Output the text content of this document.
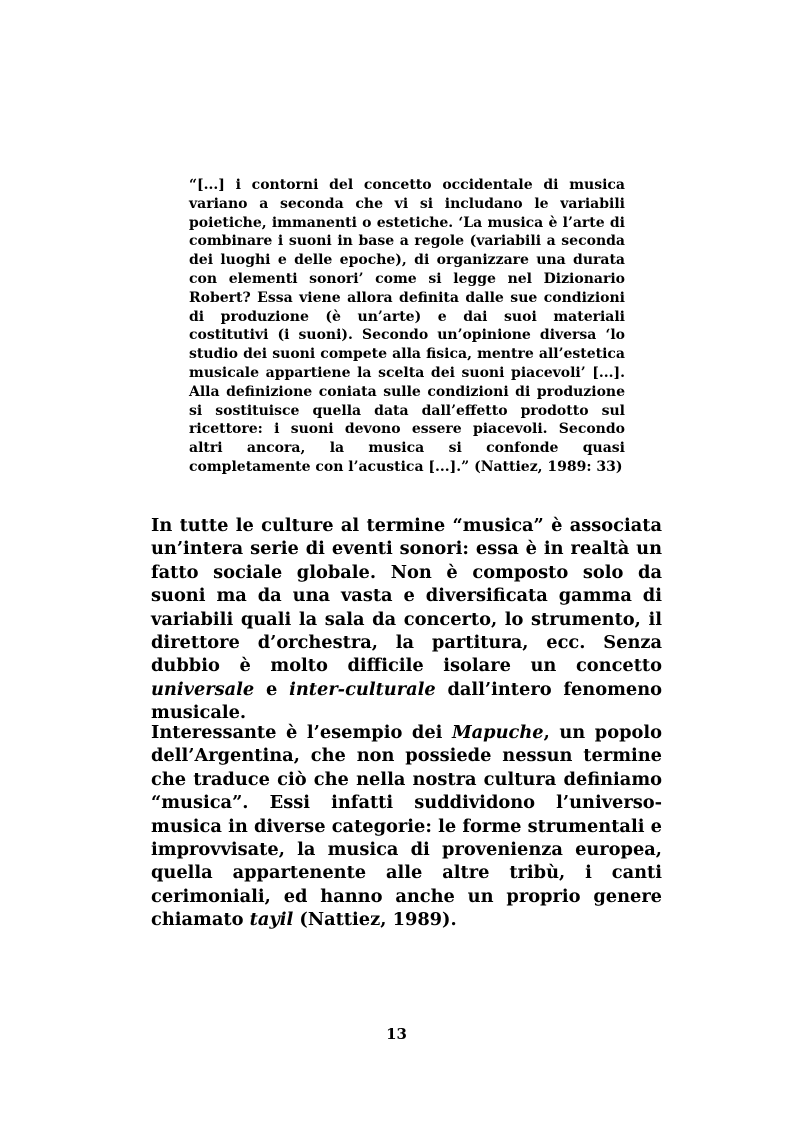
“[...] i contorni del concetto occidentale di musica variano a seconda che vi si includano le variabili poietiche, immanenti o estetiche. ‘La musica è l’arte di combinare i suoni in base a regole (variabili a seconda dei luoghi e delle epoche), di organizzare una durata con elementi sonori’ come si legge nel Dizionario Robert? Essa viene allora definita dalle sue condizioni di produzione (è un’arte) e dai suoi materiali costitutivi (i suoni). Secondo un’opinione diversa ‘lo studio dei suoni compete alla fisica, mentre all’estetica musicale appartiene la scelta dei suoni piacevoli’ [...]. Alla definizione coniata sulle condizioni di produzione si sostituisce quella data dall’effetto prodotto sul ricettore: i suoni devono essere piacevoli. Secondo altri ancora, la musica si confonde quasi completamente con l’acustica [...].” (Nattiez, 1989: 33)

In tutte le culture al termine “musica” è associata un’intera serie di eventi sonori: essa è in realtà un fatto sociale globale. Non è composto solo da suoni ma da una vasta e diversificata gamma di variabili quali la sala da concerto, lo strumento, il direttore d’orchestra, la partitura, ecc. Senza dubbio è molto difficile isolare un concetto universale e inter-culturale dall’intero fenomeno musicale.

Interessante è l’esempio dei Mapuche, un popolo dell’Argentina, che non possiede nessun termine che traduce ciò che nella nostra cultura definiamo “musica”. Essi infatti suddividono l’universo-musica in diverse categorie: le forme strumentali e improvvisate, la musica di provenienza europea, quella appartenente alle altre tribù, i canti cerimoniali, ed hanno anche un proprio genere chiamato tayil (Nattiez, 1989).

13
